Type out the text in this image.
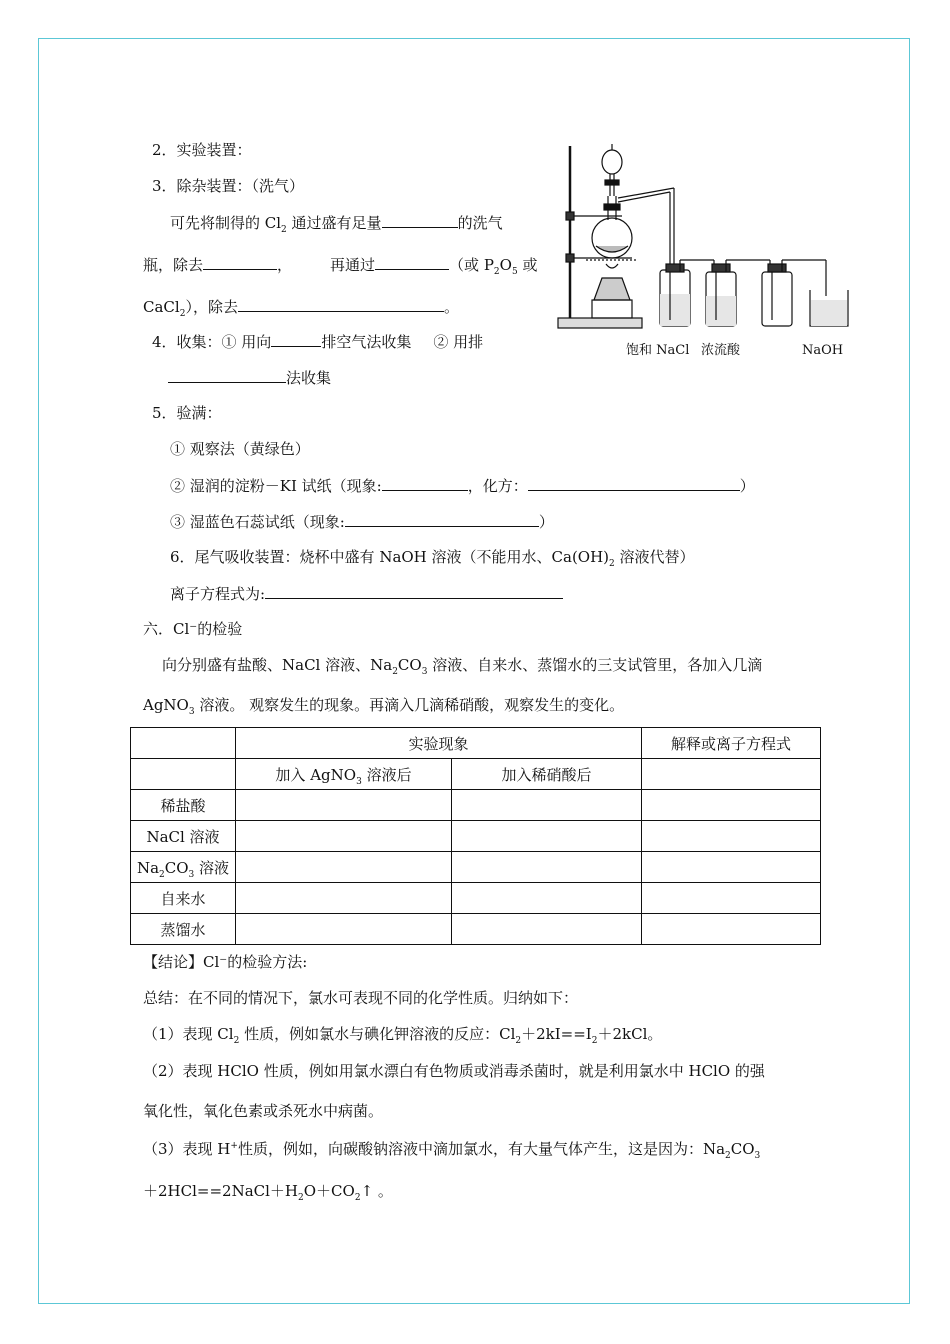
2．实验装置：
3．除杂装置：（洗气）
可先将制得的 $Cl_2$ 通过盛有足量	的洗气
瓶，除去	，	再通过	（或 $P_2O_5$ 或
CaCl$_2$），除去	。
4．收集：① 用向	排空气法收集 ② 用排
法收集
5．验满：
① 观察法（黄绿色）
② 湿润的淀粉－KI 试纸（现象:	，化方：	）
③ 湿蓝色石蕊试纸（现象:	）
6．尾气吸收装置：烧杯中盛有 NaOH 溶液（不能用水、$Ca(OH)_2$ 溶液代替）
离子方程式为:
饱和 NaCl 浓流酸	NaOH
六．Cl⁻的检验
向分别盛有盐酸、NaCl 溶液、$Na_2CO_3$ 溶液、自来水、蒸馏水的三支试管里，各加入几滴
AgNO$_3$ 溶液。 观察发生的现象。再滴入几滴稀硝酸，观察发生的变化。
	实验现象		解释或离子方程式
	加入 AgNO$_3$ 溶液后	加入稀硝酸后	
稀盐酸			
NaCl 溶液			
$Na_2CO_3$ 溶液			
自来水			
蒸馏水			
【结论】Cl⁻的检验方法:
总结：在不同的情况下，氯水可表现不同的化学性质。归纳如下：
（1）表现 $Cl_2$ 性质，例如氯水与碘化钾溶液的反应：$Cl_2+2kI==I_2+2kCl$。
（2）表现 HClO 性质，例如用氯水漂白有色物质或消毒杀菌时，就是利用氯水中 HClO 的强
氧化性，氧化色素或杀死水中病菌。
（3）表现 H+性质，例如，向碳酸钠溶液中滴加氯水，有大量气体产生，这是因为：$Na_2CO_3$
$+2HCl==2NaCl+H_2O+CO_2↑$ 。
